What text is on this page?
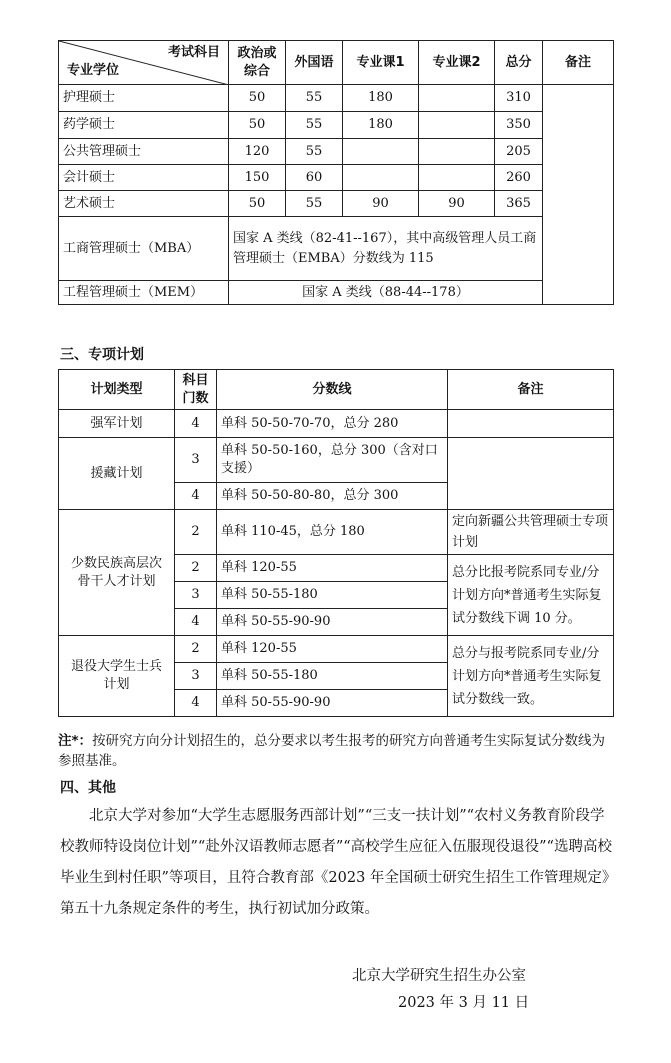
考试科目
专业学位	政治或综合	外国语	专业课1	专业课2	总分	备注
护理硕士	50	55	180		310	
药学硕士	50	55	180		350	
公共管理硕士	120	55			205	
会计硕士	150	60			260	
艺术硕士	50	55	90	90	365	
工商管理硕士（MBA）	国家 A 类线（82-41--167），其中高级管理人员工商管理硕士（EMBA）分数线为 115					
工程管理硕士（MEM）	国家 A 类线（88-44--178）					
三、专项计划
计划类型	科目门数	分数线	备注
强军计划	4	单科 50-50-70-70，总分 280	
援藏计划	3	单科 50-50-160，总分 300（含对口支援）	
	4	单科 50-50-80-80，总分 300	
少数民族高层次骨干人才计划	2	单科 110-45，总分 180	定向新疆公共管理硕士专项计划
	2	单科 120-55	总分比报考院系同专业/分计划方向*普通考生实际复试分数线下调 10 分。
	3	单科 50-55-180	
	4	单科 50-55-90-90	
退役大学生士兵计划	2	单科 120-55	总分与报考院系同专业/分计划方向*普通考生实际复试分数线一致。
	3	单科 50-55-180	
	4	单科 50-55-90-90	
注*：按研究方向分计划招生的，总分要求以考生报考的研究方向普通考生实际复试分数线为参照基准。
四、其他

北京大学对参加“大学生志愿服务西部计划”“三支一扶计划”“农村义务教育阶段学校教师特设岗位计划”“赴外汉语教师志愿者”“高校学生应征入伍服现役退役”“选聘高校毕业生到村任职”等项目，且符合教育部《2023 年全国硕士研究生招生工作管理规定》第五十九条规定条件的考生，执行初试加分政策。

北京大学研究生招生办公室
2023 年 3 月 11 日
